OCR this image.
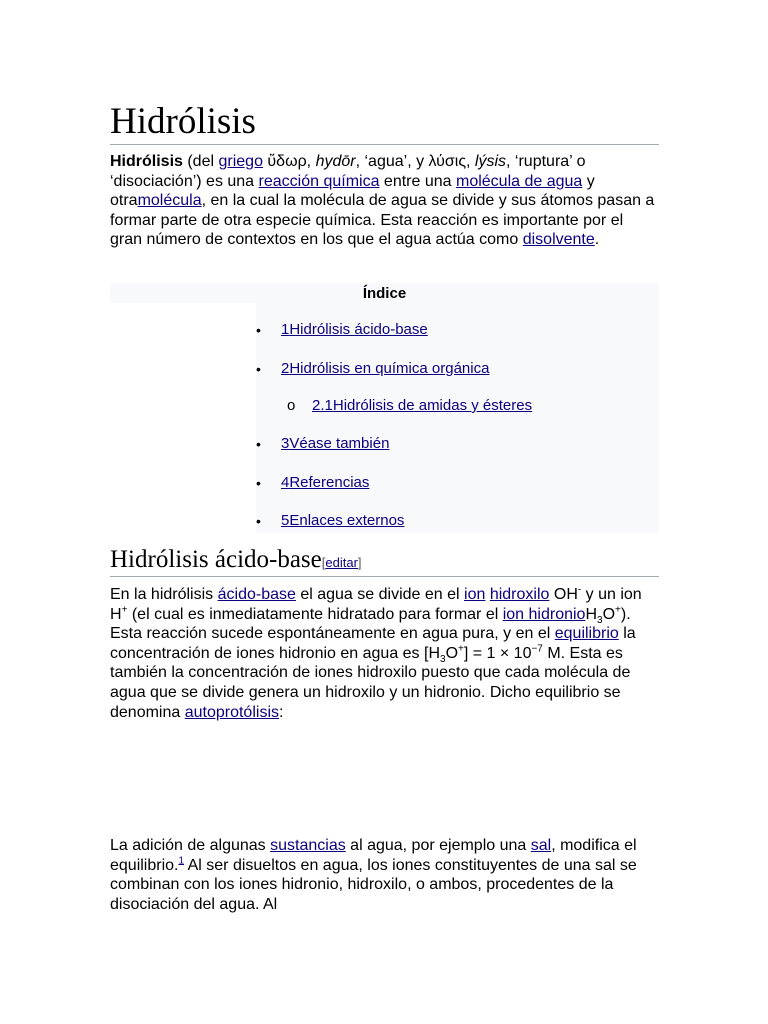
Hidrólisis

Hidrólisis (del griego ὕδωρ, hydōr, ‘agua’, y λύσις, lýsis, ‘ruptura’ o ‘disociación’) es una reacción química entre una molécula de agua y otramolécula, en la cual la molécula de agua se divide y sus átomos pasan a formar parte de otra especie química. Esta reacción es importante por el gran número de contextos en los que el agua actúa como disolvente.

Índice
• 1Hidrólisis ácido-base
• 2Hidrólisis en química orgánica
o 2.1Hidrólisis de amidas y ésteres
• 3Véase también
• 4Referencias
• 5Enlaces externos
Hidrólisis ácido-base[editar]

En la hidrólisis ácido-base el agua se divide en el ion hidroxilo OH- y un ion H+ (el cual es inmediatamente hidratado para formar el ion hidronioH$_3$O+). Esta reacción sucede espontáneamente en agua pura, y en el equilibrio la concentración de iones hidronio en agua es $[H_3O^+] = 1 \times 10^{-7}$ M. Esta es también la concentración de iones hidroxilo puesto que cada molécula de agua que se divide genera un hidroxilo y un hidronio. Dicho equilibrio se denomina autoprotólisis:

La adición de algunas sustancias al agua, por ejemplo una sal, modifica el equilibrio.$^1$ Al ser disueltos en agua, los iones constituyentes de una sal se combinan con los iones hidronio, hidroxilo, o ambos, procedentes de la disociación del agua. Al
